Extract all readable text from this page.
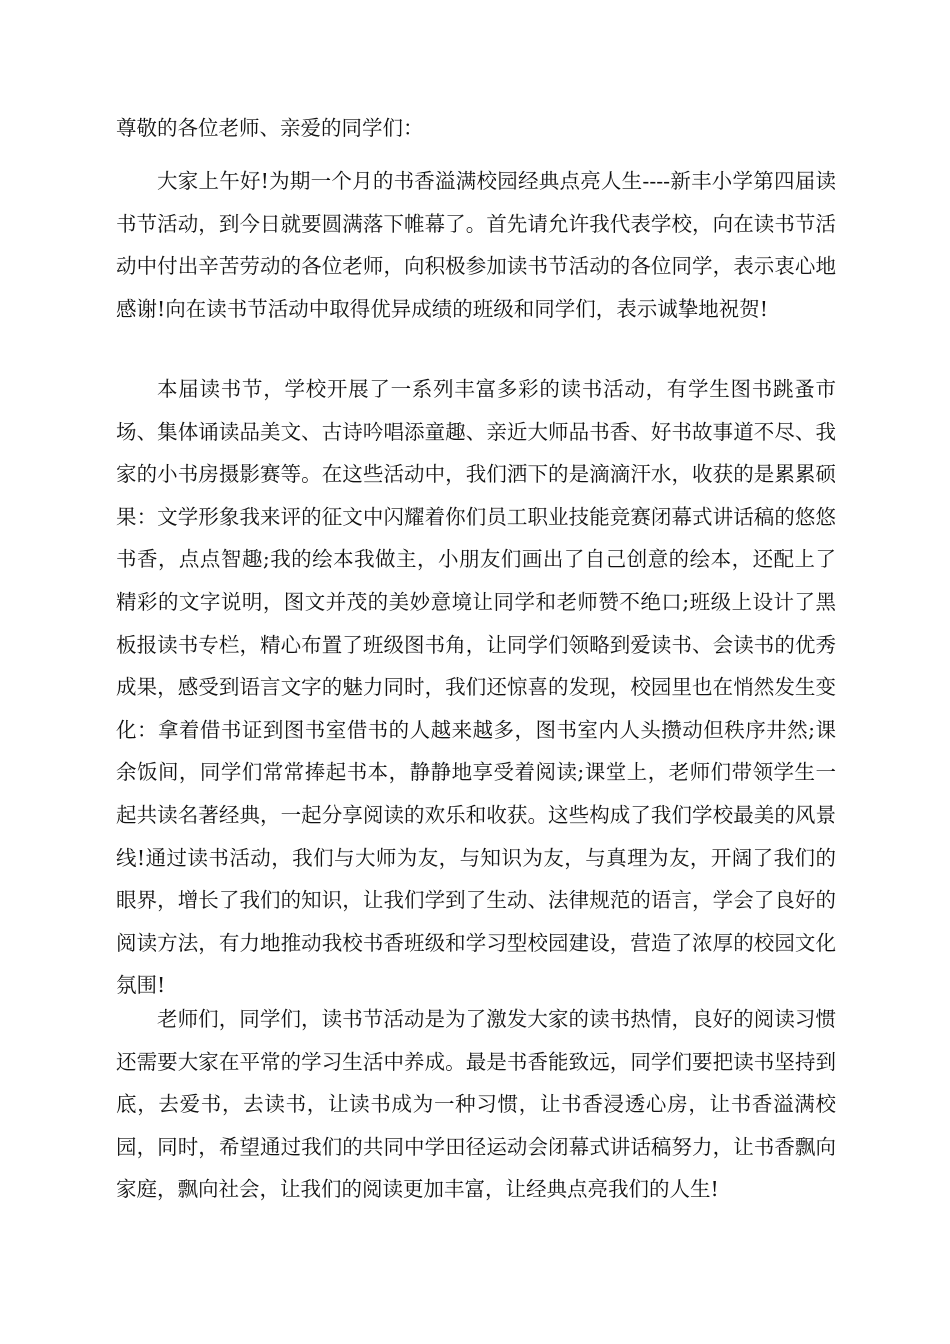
尊敬的各位老师、亲爱的同学们：

大家上午好!为期一个月的书香溢满校园经典点亮人生----新丰小学第四届读书节活动，到今日就要圆满落下帷幕了。首先请允许我代表学校，向在读书节活动中付出辛苦劳动的各位老师，向积极参加读书节活动的各位同学，表示衷心地感谢!向在读书节活动中取得优异成绩的班级和同学们，表示诚挚地祝贺!

本届读书节，学校开展了一系列丰富多彩的读书活动，有学生图书跳蚤市场、集体诵读品美文、古诗吟唱添童趣、亲近大师品书香、好书故事道不尽、我家的小书房摄影赛等。在这些活动中，我们洒下的是滴滴汗水，收获的是累累硕果：文学形象我来评的征文中闪耀着你们员工职业技能竞赛闭幕式讲话稿的悠悠书香，点点智趣;我的绘本我做主，小朋友们画出了自己创意的绘本，还配上了精彩的文字说明，图文并茂的美妙意境让同学和老师赞不绝口;班级上设计了黑板报读书专栏，精心布置了班级图书角，让同学们领略到爱读书、会读书的优秀成果，感受到语言文字的魅力同时，我们还惊喜的发现，校园里也在悄然发生变化：拿着借书证到图书室借书的人越来越多，图书室内人头攒动但秩序井然;课余饭间，同学们常常捧起书本，静静地享受着阅读;课堂上，老师们带领学生一起共读名著经典，一起分享阅读的欢乐和收获。这些构成了我们学校最美的风景线!通过读书活动，我们与大师为友，与知识为友，与真理为友，开阔了我们的眼界，增长了我们的知识，让我们学到了生动、法律规范的语言，学会了良好的阅读方法，有力地推动我校书香班级和学习型校园建设，营造了浓厚的校园文化氛围!

老师们，同学们，读书节活动是为了激发大家的读书热情，良好的阅读习惯还需要大家在平常的学习生活中养成。最是书香能致远，同学们要把读书坚持到底，去爱书，去读书，让读书成为一种习惯，让书香浸透心房，让书香溢满校园，同时，希望通过我们的共同中学田径运动会闭幕式讲话稿努力，让书香飘向家庭，飘向社会，让我们的阅读更加丰富，让经典点亮我们的人生!
